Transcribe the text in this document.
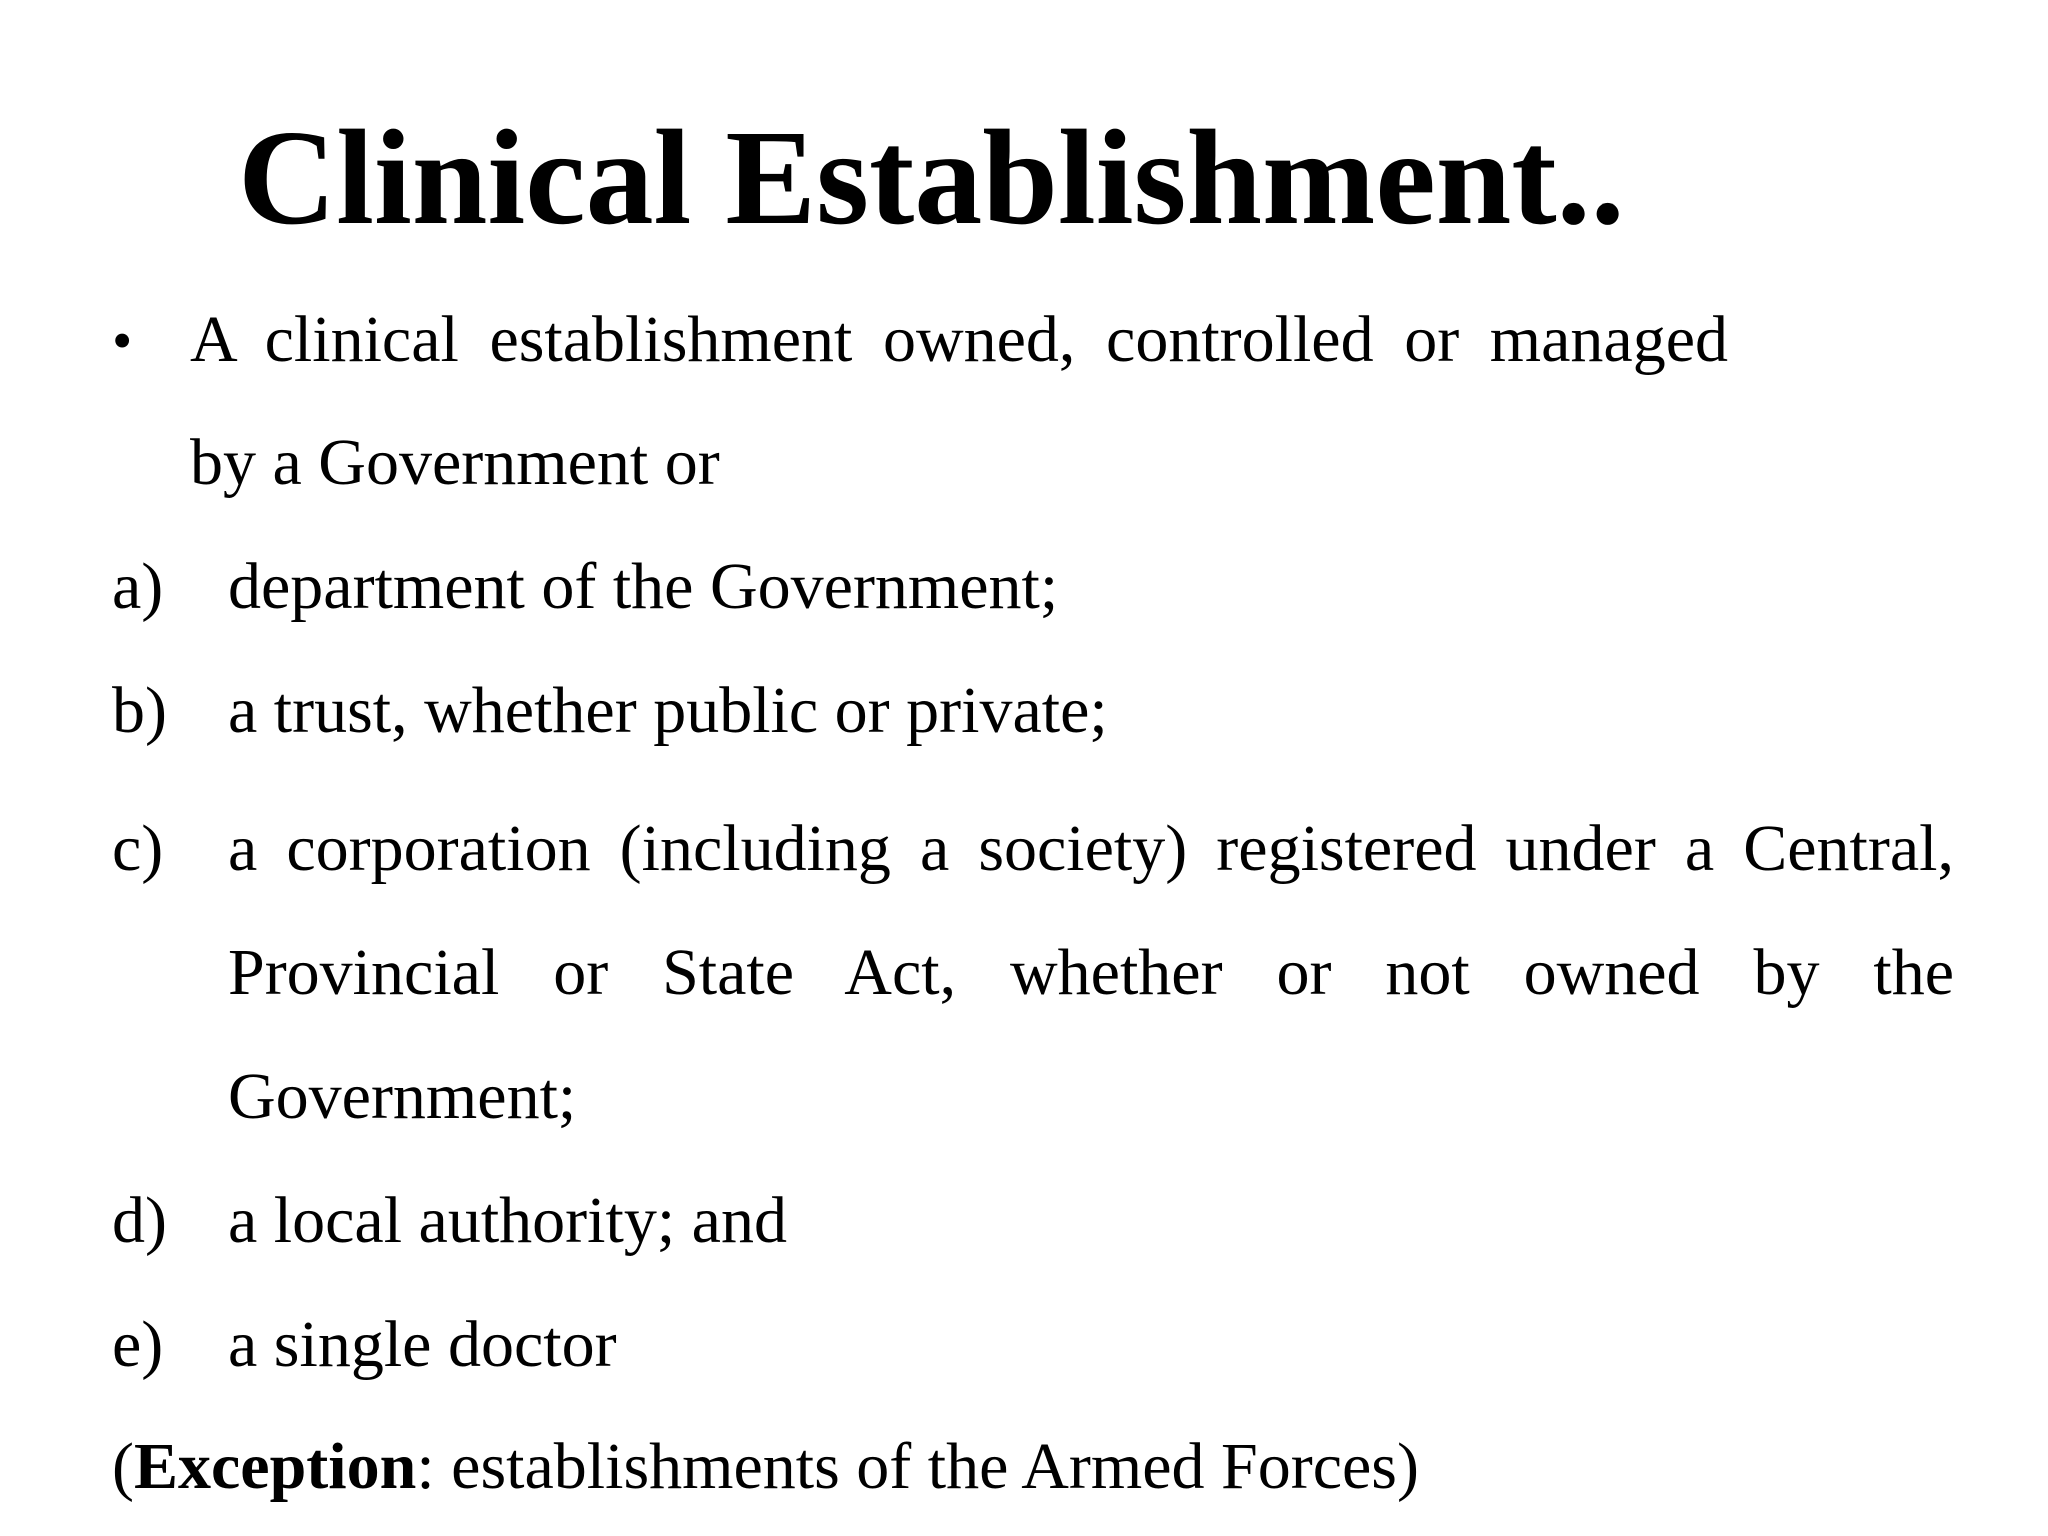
Clinical Establishment..
• A clinical establishment owned, controlled or managed
by a Government or
a) department of the Government;
b) a trust, whether public or private;
c) a corporation (including a society) registered under a Central,
Provincial or State Act, whether or not owned by the
Government;
d) a local authority; and
e) a single doctor
(Exception: establishments of the Armed Forces)
